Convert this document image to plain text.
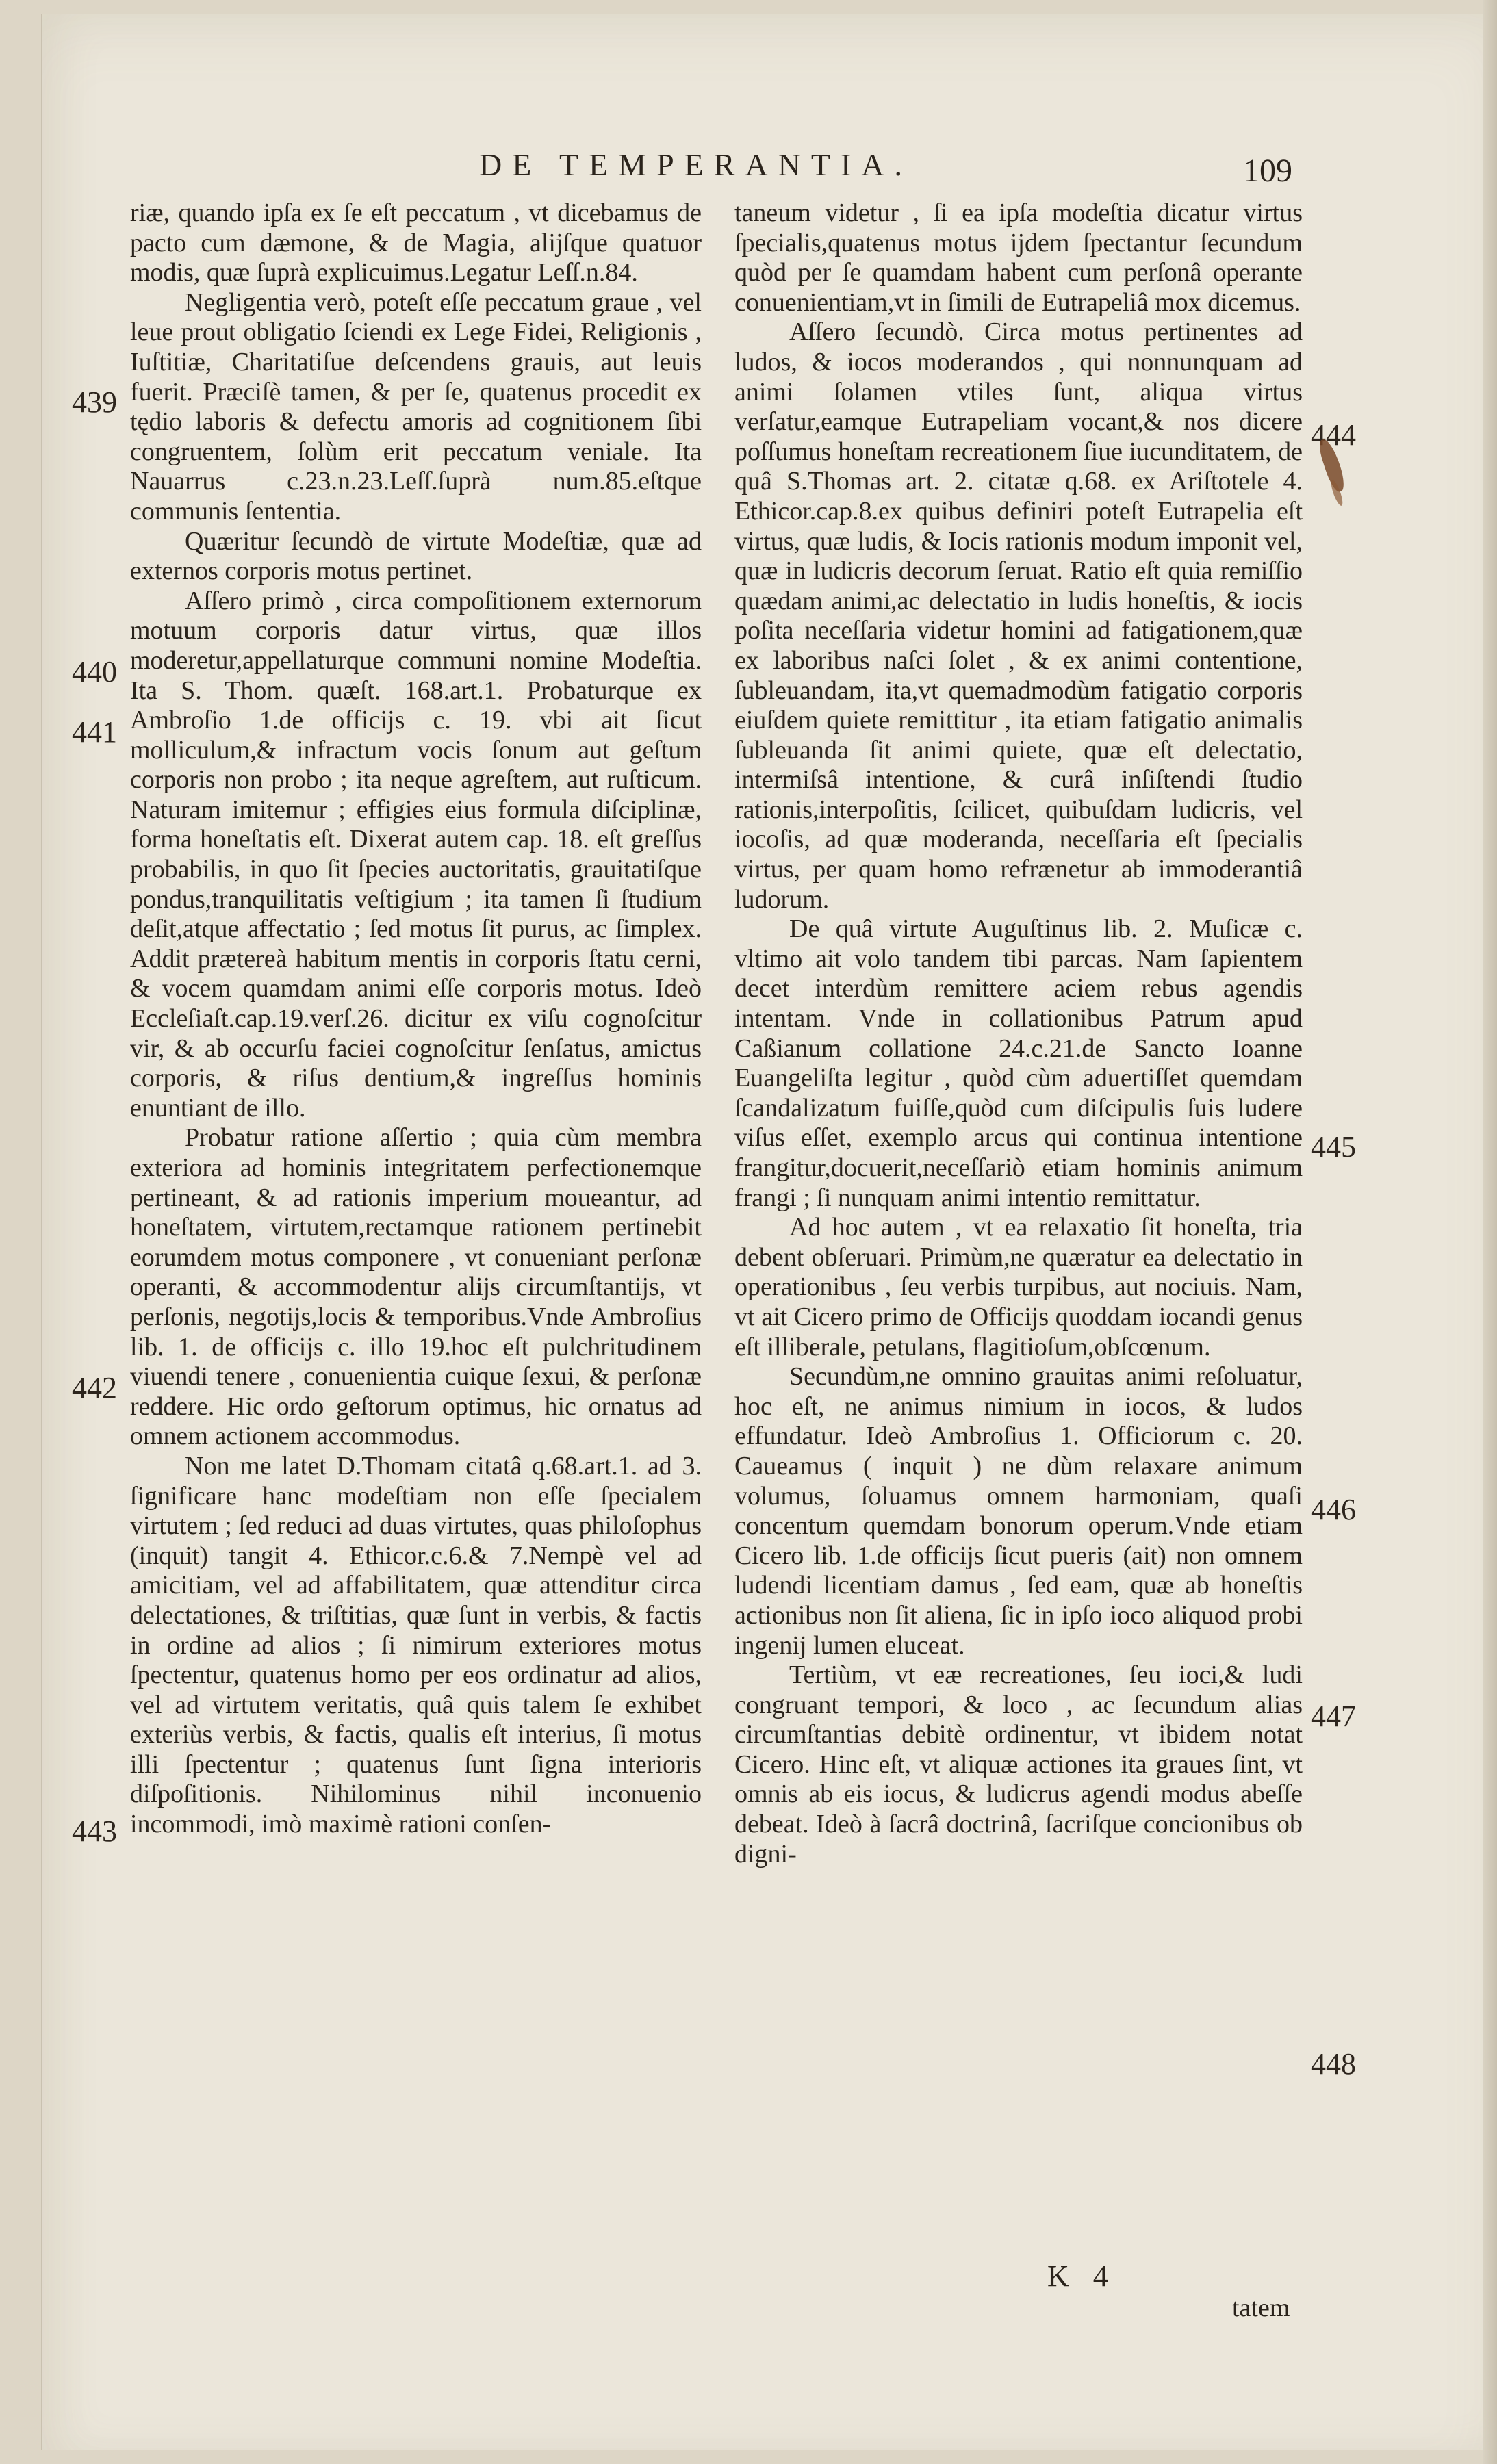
DE TEMPERANTIA.	109
439
440
441
442
443
444
445
446
447
448

riæ, quando ipſa ex ſe eſt peccatum , vt dicebamus de pacto cum dæmone, & de Magia, alijſque quatuor modis, quæ ſuprà explicuimus.Legatur Leſſ.n.84.

Negligentia verò, poteſt eſſe peccatum graue , vel leue prout obligatio ſciendi ex Lege Fidei, Religionis , Iuſtitiæ, Charitatiſue deſcendens grauis, aut leuis fuerit. Præciſè tamen, & per ſe, quatenus procedit ex tędio laboris & defectu amoris ad cognitionem ſibi congruentem, ſolùm erit peccatum veniale. Ita Nauarrus c.23.n.23.Leſſ.ſuprà num.85.eſtque communis ſententia.

Quæritur ſecundò de virtute Modeſtiæ, quæ ad externos corporis motus pertinet.

Aſſero primò , circa compoſitionem externorum motuum corporis datur virtus, quæ illos moderetur,appellaturque communi nomine Modeſtia. Ita S. Thom. quæſt. 168.art.1. Probaturque ex Ambroſio 1.de officijs c. 19. vbi ait ſicut molliculum,& infractum vocis ſonum aut geſtum corporis non probo ; ita neque agreſtem, aut ruſticum. Naturam imitemur ; effigies eius formula diſciplinæ, forma honeſtatis eſt. Dixerat autem cap. 18. eſt greſſus probabilis, in quo ſit ſpecies auctoritatis, grauitatiſque pondus,tranquilitatis veſtigium ; ita tamen ſi ſtudium deſit,atque affectatio ; ſed motus ſit purus, ac ſimplex. Addit prætereà habitum mentis in corporis ſtatu cerni, & vocem quamdam animi eſſe corporis motus. Ideò Eccleſiaſt.cap.19.verſ.26. dicitur ex viſu cognoſcitur vir, & ab occurſu faciei cognoſcitur ſenſatus, amictus corporis, & riſus dentium,& ingreſſus hominis enuntiant de illo.

Probatur ratione aſſertio ; quia cùm membra exteriora ad hominis integritatem perfectionemque pertineant, & ad rationis imperium moueantur, ad honeſtatem, virtutem,rectamque rationem pertinebit eorumdem motus componere , vt conueniant perſonæ operanti, & accommodentur alijs circumſtantijs, vt perſonis, negotijs,locis & temporibus.Vnde Ambroſius lib. 1. de officijs c. illo 19.hoc eſt pulchritudinem viuendi tenere , conuenientia cuique ſexui, & perſonæ reddere. Hic ordo geſtorum optimus, hic ornatus ad omnem actionem accommodus.

Non me latet D.Thomam citatâ q.68.art.1. ad 3. ſignificare hanc modeſtiam non eſſe ſpecialem virtutem ; ſed reduci ad duas virtutes, quas philoſophus (inquit) tangit 4. Ethicor.c.6.& 7.Nempè vel ad amicitiam, vel ad affabilitatem, quæ attenditur circa delectationes, & triſtitias, quæ ſunt in verbis, & factis in ordine ad alios ; ſi nimirum exteriores motus ſpectentur, quatenus homo per eos ordinatur ad alios, vel ad virtutem veritatis, quâ quis talem ſe exhibet exteriùs verbis, & factis, qualis eſt interius, ſi motus illi ſpectentur ; quatenus ſunt ſigna interioris diſpoſitionis. Nihilominus nihil inconuenio incommodi, imò maximè rationi conſen-

taneum videtur , ſi ea ipſa modeſtia dicatur virtus ſpecialis,quatenus motus ijdem ſpectantur ſecundum quòd per ſe quamdam habent cum perſonâ operante conuenientiam,vt in ſimili de Eutrapeliâ mox dicemus.

Aſſero ſecundò. Circa motus pertinentes ad ludos, & iocos moderandos , qui nonnunquam ad animi ſolamen vtiles ſunt, aliqua virtus verſatur,eamque Eutrapeliam vocant,& nos dicere poſſumus honeſtam recreationem ſiue iucunditatem, de quâ S.Thomas art. 2. citatæ q.68. ex Ariſtotele 4. Ethicor.cap.8.ex quibus definiri poteſt Eutrapelia eſt virtus, quæ ludis, & Iocis rationis modum imponit vel, quæ in ludicris decorum ſeruat. Ratio eſt quia remiſſio quædam animi,ac delectatio in ludis honeſtis, & iocis poſita neceſſaria videtur homini ad fatigationem,quæ ex laboribus naſci ſolet , & ex animi contentione, ſubleuandam, ita,vt quemadmodùm fatigatio corporis eiuſdem quiete remittitur , ita etiam fatigatio animalis ſubleuanda ſit animi quiete, quæ eſt delectatio, intermiſsâ intentione, & curâ inſiſtendi ſtudio rationis,interpoſitis, ſcilicet, quibuſdam ludicris, vel iocoſis, ad quæ moderanda, neceſſaria eſt ſpecialis virtus, per quam homo refrænetur ab immoderantiâ ludorum.

De quâ virtute Auguſtinus lib. 2. Muſicæ c. vltimo ait volo tandem tibi parcas. Nam ſapientem decet interdùm remittere aciem rebus agendis intentam. Vnde in collationibus Patrum apud Caßianum collatione 24.c.21.de Sancto Ioanne Euangeliſta legitur , quòd cùm aduertiſſet quemdam ſcandalizatum fuiſſe,quòd cum diſcipulis ſuis ludere viſus eſſet, exemplo arcus qui continua intentione frangitur,docuerit,neceſſariò etiam hominis animum frangi ; ſi nunquam animi intentio remittatur.

Ad hoc autem , vt ea relaxatio ſit honeſta, tria debent obſeruari. Primùm,ne quæratur ea delectatio in operationibus , ſeu verbis turpibus, aut nociuis. Nam, vt ait Cicero primo de Officijs quoddam iocandi genus eſt illiberale, petulans, flagitioſum,obſcœnum.

Secundùm,ne omnino grauitas animi reſoluatur, hoc eſt, ne animus nimium in iocos, & ludos effundatur. Ideò Ambroſius 1. Officiorum c. 20. Caueamus ( inquit ) ne dùm relaxare animum volumus, ſoluamus omnem harmoniam, quaſi concentum quemdam bonorum operum.Vnde etiam Cicero lib. 1.de officijs ſicut pueris (ait) non omnem ludendi licentiam damus , ſed eam, quæ ab honeſtis actionibus non ſit aliena, ſic in ipſo ioco aliquod probi ingenij lumen eluceat.

Tertiùm, vt eæ recreationes, ſeu ioci,& ludi congruant tempori, & loco , ac ſecundum alias circumſtantias debitè ordinentur, vt ibidem notat Cicero. Hinc eſt, vt aliquæ actiones ita graues ſint, vt omnis ab eis iocus, & ludicrus agendi modus abeſſe debeat. Ideò à ſacrâ doctrinâ, ſacriſque concionibus ob digni-

K 4
tatem
